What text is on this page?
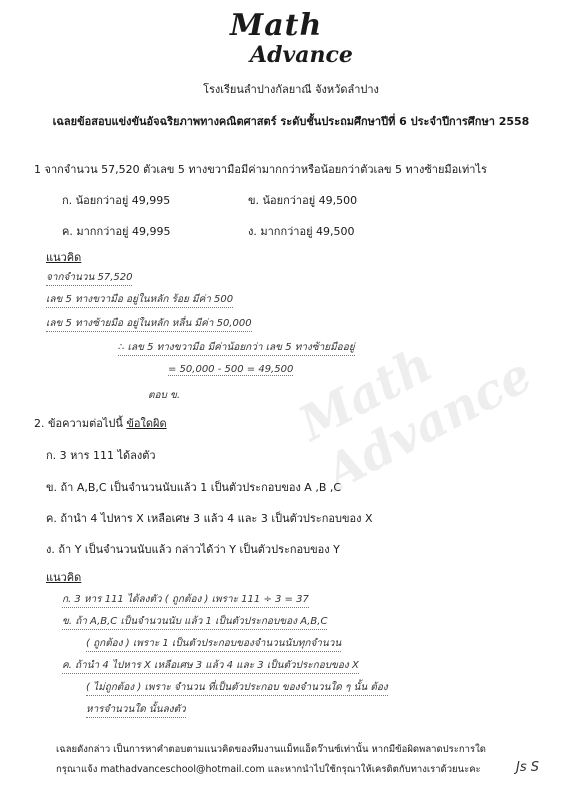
Math
Advance
Math Advance
โรงเรียนลำปางกัลยาณี จังหวัดลำปาง
เฉลยข้อสอบแข่งขันอัจฉริยภาพทางคณิตศาสตร์ ระดับชั้นประถมศึกษาปีที่ 6 ประจำปีการศึกษา 2558
1 จากจำนวน 57,520 ตัวเลข 5 ทางขวามือมีค่ามากกว่าหรือน้อยกว่าตัวเลข 5 ทางซ้ายมือเท่าไร
ก. น้อยกว่าอยู่ 49,995	ข. น้อยกว่าอยู่ 49,500
ค. มากกว่าอยู่ 49,995	ง. มากกว่าอยู่ 49,500
แนวคิด
จากจำนวน 57,520
เลข 5 ทางขวามือ อยู่ในหลัก ร้อย มีค่า 500
เลข 5 ทางซ้ายมือ อยู่ในหลัก หลื่น มีค่า 50,000
∴ เลข 5 ทางขวามือ มีค่าน้อยกว่า เลข 5 ทางซ้ายมืออยู่
= 50,000 - 500 = 49,500
ตอบ ข.
2. ข้อความต่อไปนี้ ข้อใดผิด
ก. 3 หาร 111 ได้ลงตัว
ข. ถ้า A,B,C เป็นจำนวนนับแล้ว 1 เป็นตัวประกอบของ A ,B ,C
ค. ถ้านำ 4 ไปหาร X เหลือเศษ 3 แล้ว 4 และ 3 เป็นตัวประกอบของ X
ง. ถ้า Y เป็นจำนวนนับแล้ว กล่าวได้ว่า Y เป็นตัวประกอบของ Y
แนวคิด
ก. 3 หาร 111 ได้ลงตัว ( ถูกต้อง ) เพราะ 111 ÷ 3 = 37
ข. ถ้า A,B,C เป็นจำนวนนับ แล้ว 1 เป็นตัวประกอบของ A,B,C
( ถูกต้อง ) เพราะ 1 เป็นตัวประกอบของจำนวนนับทุกจำนวน
ค. ถ้านำ 4 ไปหาร X เหลือเศษ 3 แล้ว 4 และ 3 เป็นตัวประกอบของ X
( ไม่ถูกต้อง ) เพราะ จำนวน ที่เป็นตัวประกอบ ของจำนวนใด ๆ นั้น ต้อง
หารจำนวนใด นั้นลงตัว
เฉลยดังกล่าว เป็นการหาคำตอบตามแนวคิดของทีมงานแม็ทแอ็ดว๊านซ์เท่านั้น หากมีข้อผิดพลาดประการใด
กรุณาแจ้ง mathadvanceschool@hotmail.com และหากนำไปใช้กรุณาให้เครดิตกับทางเราด้วยนะคะ	Js S
